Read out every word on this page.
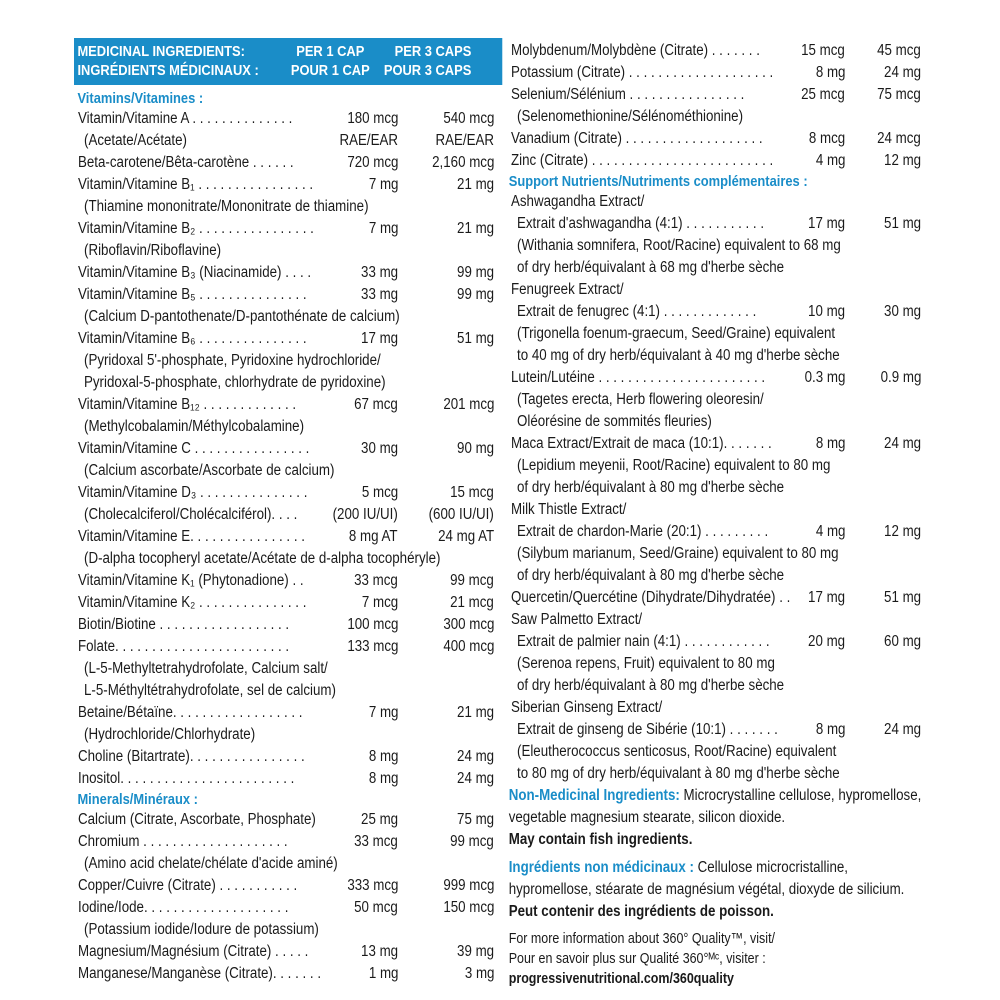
MEDICINAL INGREDIENTS:	PER 1 CAP	PER 3 CAPS
INGRÉDIENTS MÉDICINAUX :	POUR 1 CAP POUR 3 CAPS
Vitamins/Vitamines :
Vitamin/Vitamine A . . . . . . . . . . . . . .	180 mcg	540 mcg
(Acetate/Acétate)	RAE/EAR RAE/EAR
Beta-carotene/Bêta-carotène . . . . . .	720 mcg 2,160 mcg
Vitamin/Vitamine B₁ . . . . . . . . . . . . . . . .	7 mg	21 mg
(Thiamine mononitrate/Mononitrate de thiamine)
Vitamin/Vitamine B₂ . . . . . . . . . . . . . . . .	7 mg	21 mg
(Riboflavin/Riboflavine)
Vitamin/Vitamine B₃ (Niacinamide) . . . .	33 mg	99 mg
Vitamin/Vitamine B₅ . . . . . . . . . . . . . . .	33 mg	99 mg
(Calcium D-pantothenate/D-pantothénate de calcium)
Vitamin/Vitamine B₆ . . . . . . . . . . . . . . .	17 mg	51 mg
(Pyridoxal 5'-phosphate, Pyridoxine hydrochloride/
Pyridoxal-5-phosphate, chlorhydrate de pyridoxine)
Vitamin/Vitamine B₁₂ . . . . . . . . . . . . .	67 mcg	201 mcg
(Methylcobalamin/Méthylcobalamine)
Vitamin/Vitamine C . . . . . . . . . . . . . . . .	30 mg	90 mg
(Calcium ascorbate/Ascorbate de calcium)
Vitamin/Vitamine D₃ . . . . . . . . . . . . . . .	5 mcg	15 mcg
(Cholecalciferol/Cholécalciférol). . . . (200 IU/UI) (600 IU/UI)
Vitamin/Vitamine E. . . . . . . . . . . . . . . .	8 mg AT	24 mg AT
(D-alpha tocopheryl acetate/Acétate de d-alpha tocophéryle)
Vitamin/Vitamine K₁ (Phytonadione) . .	33 mcg	99 mcg
Vitamin/Vitamine K₂ . . . . . . . . . . . . . . .	7 mcg	21 mcg
Biotin/Biotine . . . . . . . . . . . . . . . . . .	100 mcg	300 mcg
Folate. . . . . . . . . . . . . . . . . . . . . . . .	133 mcg	400 mcg
(L-5-Methyltetrahydrofolate, Calcium salt/
L-5-Méthyltétrahydrofolate, sel de calcium)
Betaine/Bétaïne. . . . . . . . . . . . . . . . . .	7 mg	21 mg
(Hydrochloride/Chlorhydrate)
Choline (Bitartrate). . . . . . . . . . . . . . . .	8 mg	24 mg
Inositol. . . . . . . . . . . . . . . . . . . . . . . .	8 mg	24 mg
Minerals/Minéraux :
Calcium (Citrate, Ascorbate, Phosphate)	25 mg	75 mg
Chromium . . . . . . . . . . . . . . . . . . . .	33 mcg	99 mcg
(Amino acid chelate/chélate d'acide aminé)
Copper/Cuivre (Citrate) . . . . . . . . . . .	333 mcg	999 mcg
Iodine/Iode. . . . . . . . . . . . . . . . . . . .	50 mcg	150 mcg
(Potassium iodide/Iodure de potassium)
Magnesium/Magnésium (Citrate) . . . . .	13 mg	39 mg
Manganese/Manganèse (Citrate). . . . . . .	1 mg	3 mg
Molybdenum/Molybdène (Citrate) . . . . . . .	15 mcg 45 mcg
Potassium (Citrate) . . . . . . . . . . . . . . . . . . . .	8 mg	24 mg
Selenium/Sélénium . . . . . . . . . . . . . . . .	25 mcg 75 mcg
(Selenomethionine/Sélénométhionine)
Vanadium (Citrate) . . . . . . . . . . . . . . . . . . .	8 mcg 24 mcg
Zinc (Citrate) . . . . . . . . . . . . . . . . . . . . . . . . .	4 mg	12 mg
Support Nutrients/Nutriments complémentaires :
Ashwagandha Extract/
Extrait d'ashwagandha (4:1) . . . . . . . . . . .	17 mg	51 mg
(Withania somnifera, Root/Racine) equivalent to 68 mg
of dry herb/équivalant à 68 mg d'herbe sèche
Fenugreek Extract/
Extrait de fenugrec (4:1) . . . . . . . . . . . . .	10 mg	30 mg
(Trigonella foenum-graecum, Seed/Graine) equivalent
to 40 mg of dry herb/équivalant à 40 mg d'herbe sèche
Lutein/Lutéine . . . . . . . . . . . . . . . . . . . . . . .	0.3 mg 0.9 mg
(Tagetes erecta, Herb flowering oleoresin/
Oléorésine de sommités fleuries)
Maca Extract/Extrait de maca (10:1). . . . . . .	8 mg	24 mg
(Lepidium meyenii, Root/Racine) equivalent to 80 mg
of dry herb/équivalant à 80 mg d'herbe sèche
Milk Thistle Extract/
Extrait de chardon-Marie (20:1) . . . . . . . . .	4 mg	12 mg
(Silybum marianum, Seed/Graine) equivalent to 80 mg
of dry herb/équivalant à 80 mg d'herbe sèche
Quercetin/Quercétine (Dihydrate/Dihydratée) . . 17 mg	51 mg
Saw Palmetto Extract/
Extrait de palmier nain (4:1) . . . . . . . . . . . . 20 mg	60 mg
(Serenoa repens, Fruit) equivalent to 80 mg
of dry herb/équivalant à 80 mg d'herbe sèche
Siberian Ginseng Extract/
Extrait de ginseng de Sibérie (10:1) . . . . . . . 8 mg	24 mg
(Eleutherococcus senticosus, Root/Racine) equivalent
to 80 mg of dry herb/équivalant à 80 mg d'herbe sèche
Non-Medicinal Ingredients: Microcrystalline cellulose, hypromellose, vegetable magnesium stearate, silicon dioxide.
May contain fish ingredients.
Ingrédients non médicinaux : Cellulose microcristalline, hypromellose, stéarate de magnésium végétal, dioxyde de silicium.
Peut contenir des ingrédients de poisson.
For more information about 360° Quality™, visit/
Pour en savoir plus sur Qualité 360°ᴹᶜ, visiter :
progressivenutritional.com/360quality
